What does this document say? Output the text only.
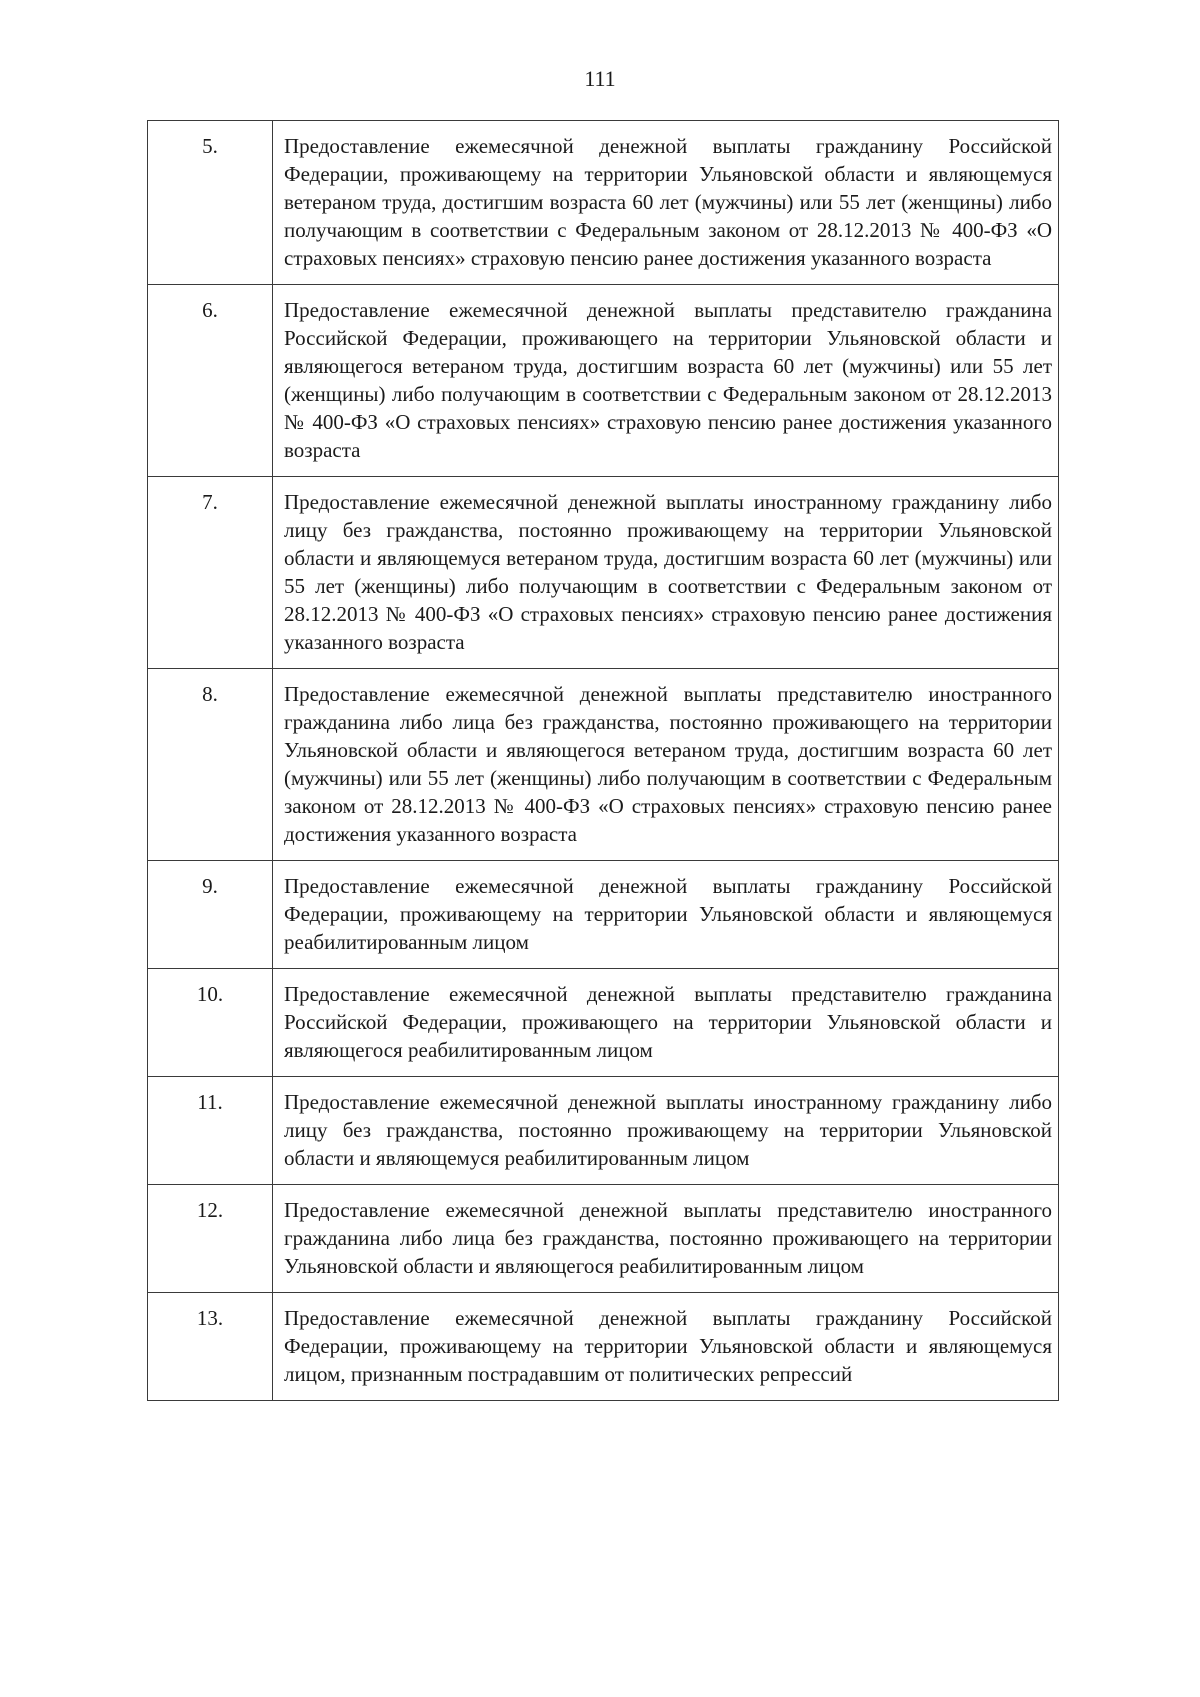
111
5.	Предоставление ежемесячной денежной выплаты гражданину Российской Федерации, проживающему на территории Ульяновской области и являющемуся ветераном труда, достигшим возраста 60 лет (мужчины) или 55 лет (женщины) либо получающим в соответствии с Федеральным законом от 28.12.2013 № 400-ФЗ «О страховых пенсиях» страховую пенсию ранее достижения указанного возраста
6.	Предоставление ежемесячной денежной выплаты представителю гражданина Российской Федерации, проживающего на территории Ульяновской области и являющегося ветераном труда, достигшим возраста 60 лет (мужчины) или 55 лет (женщины) либо получающим в соответствии с Федеральным законом от 28.12.2013 № 400-ФЗ «О страховых пенсиях» страховую пенсию ранее достижения указанного возраста
7.	Предоставление ежемесячной денежной выплаты иностранному гражданину либо лицу без гражданства, постоянно проживающему на территории Ульяновской области и являющемуся ветераном труда, достигшим возраста 60 лет (мужчины) или 55 лет (женщины) либо получающим в соответствии с Федеральным законом от 28.12.2013 № 400-ФЗ «О страховых пенсиях» страховую пенсию ранее достижения указанного возраста
8.	Предоставление ежемесячной денежной выплаты представителю иностранного гражданина либо лица без гражданства, постоянно проживающего на территории Ульяновской области и являющегося ветераном труда, достигшим возраста 60 лет (мужчины) или 55 лет (женщины) либо получающим в соответствии с Федеральным законом от 28.12.2013 № 400-ФЗ «О страховых пенсиях» страховую пенсию ранее достижения указанного возраста
9.	Предоставление ежемесячной денежной выплаты гражданину Российской Федерации, проживающему на территории Ульяновской области и являющемуся реабилитированным лицом
10.	Предоставление ежемесячной денежной выплаты представителю гражданина Российской Федерации, проживающего на территории Ульяновской области и являющегося реабилитированным лицом
11.	Предоставление ежемесячной денежной выплаты иностранному гражданину либо лицу без гражданства, постоянно проживающему на территории Ульяновской области и являющемуся реабилитированным лицом
12.	Предоставление ежемесячной денежной выплаты представителю иностранного гражданина либо лица без гражданства, постоянно проживающего на территории Ульяновской области и являющегося реабилитированным лицом
13.	Предоставление ежемесячной денежной выплаты гражданину Российской Федерации, проживающему на территории Ульяновской области и являющемуся лицом, признанным пострадавшим от политических репрессий
